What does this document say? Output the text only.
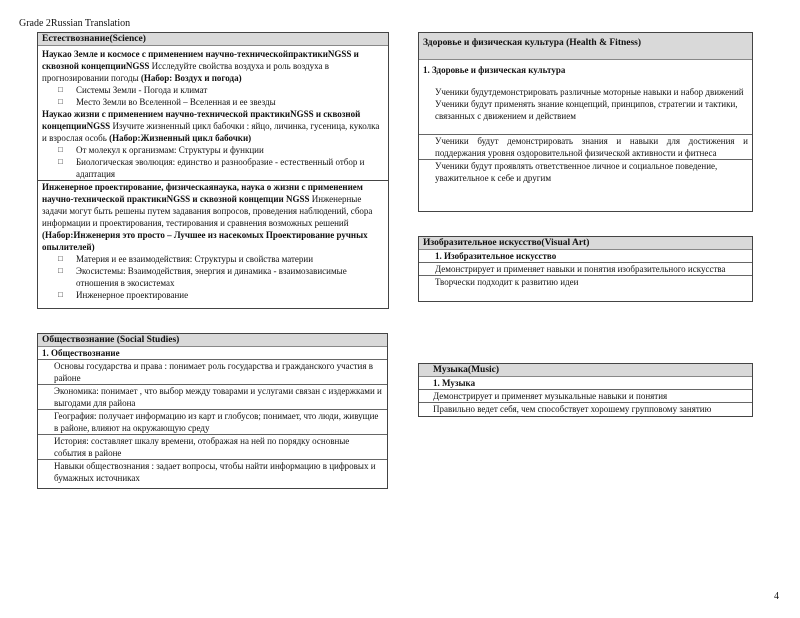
Grade 2Russian Translation
Естествознание(Science)
Наукао Земле и космосе с применением научно-техническойпрактикиNGSS и сквозной концепцииNGSS Исследуйте свойства воздуха и роль воздуха в прогнозировании погоды (Набор: Воздух и погода)
□ Системы Земли - Погода и климат
□ Место Земли во Вселенной – Вселенная и ее звезды
Наукао жизни с применением научно-технической практикиNGSS и сквозной концепцииNGSS Изучите жизненный цикл бабочки : яйцо, личинка, гусеница, куколка и взрослая особь (Набор:Жизненный цикл бабочки)
□ От молекул к организмам: Структуры и функции
□ Биологическая эволюция: единство и разнообразие - естественный отбор и адаптация
Инженерное проектирование, физическаянаука, наука о жизни с применением научно-технической практикиNGSS и сквозной концепции NGSS Инженерные задачи могут быть решены путем задавания вопросов, проведения наблюдений, сбора информации и проектирования, тестирования и сравнения возможных решений (Набор:Инженерия это просто – Лучшее из насекомых Проектирование ручных опылителей)
□ Материя и ее взаимодействия: Структуры и свойства материи
□ Экосистемы: Взаимодействия, энергия и динамика - взаимозависимые отношения в экосистемах
□ Инженерное проектирование
Обществознание (Social Studies)
1. Обществознание
Основы государства и права : понимает роль государства и гражданского участия в районе
Экономика: понимает , что выбор между товарами и услугами связан с издержками и выгодами для района
География: получает информацию из карт и глобусов; понимает, что люди, живущие в районе, влияют на окружающую среду
История: составляет шкалу времени, отображая на ней по порядку основные события в районе
Навыки обществознания : задает вопросы, чтобы найти информацию в цифровых и бумажных источниках
Здоровье и физическая культура (Health & Fitness)
1. Здоровье и физическая культура
Ученики будутдемонстрировать различные моторные навыки и набор движений
Ученики будут применять знание концепций, принципов, стратегии и тактики, связанных с движением и действием
Ученики будут демонстрировать знания и навыки для достижения и поддержания уровня оздоровительной физической активности и фитнеса
Ученики будут проявлять ответственное личное и социальное поведение, уважительное к себе и другим
Изобразительное искусство(Visual Art)
1. Изобразительное искусство
Демонстрирует и применяет навыки и понятия изобразительного искусства
Творчески подходит к развитию идеи
Музыка(Music)
1. Музыка
Демонстрирует и применяет музыкальные навыки и понятия
Правильно ведет себя, чем способствует хорошему групповому занятию
4
